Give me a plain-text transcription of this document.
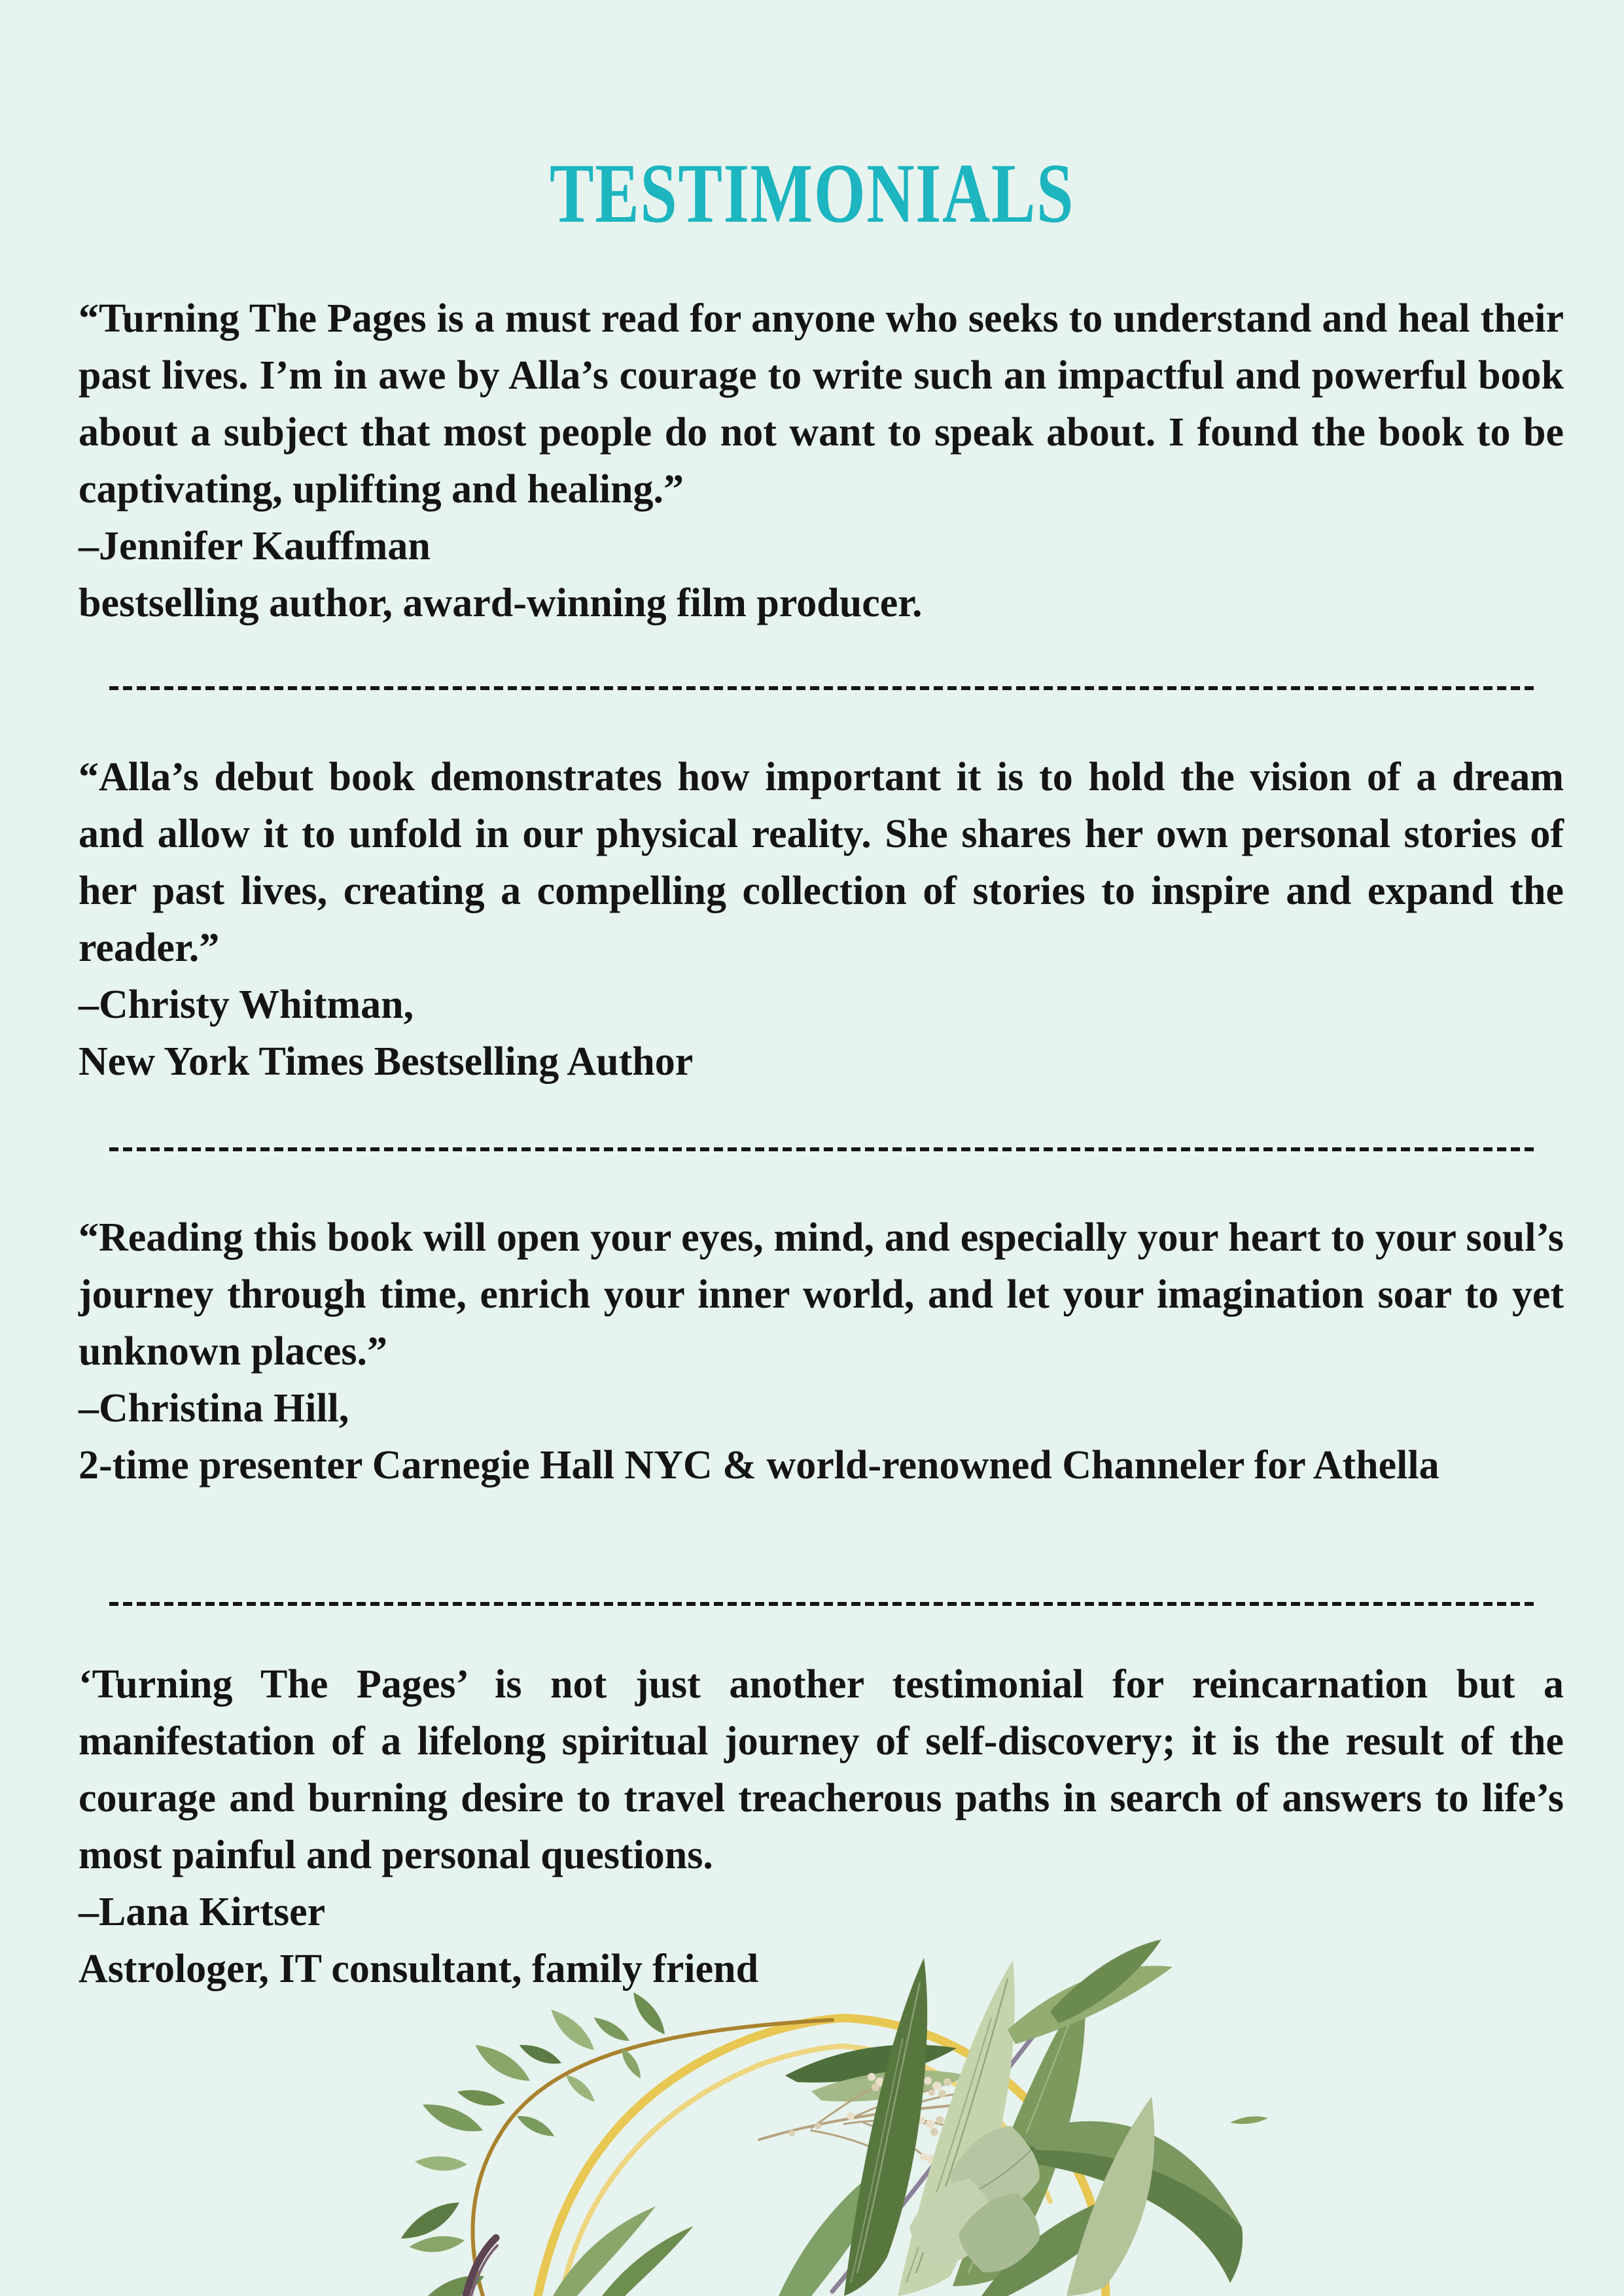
TESTIMONIALS

“Turning The Pages is a must read for anyone who seeks to understand and heal their past lives. I’m in awe by Alla’s courage to write such an impactful and powerful book about a subject that most people do not want to speak about. I found the book to be captivating, uplifting and healing.”

–Jennifer Kauffman

bestselling author, award-winning film producer.

“Alla’s debut book demonstrates how important it is to hold the vision of a dream and allow it to unfold in our physical reality. She shares her own personal stories of her past lives, creating a compelling collection of stories to inspire and expand the reader.”

–Christy Whitman,

New York Times Bestselling Author

“Reading this book will open your eyes, mind, and especially your heart to your soul’s journey through time, enrich your inner world, and let your imagination soar to yet unknown places.”

–Christina Hill,

2-time presenter Carnegie Hall NYC & world-renowned Channeler for Athella

‘Turning The Pages’ is not just another testimonial for reincarnation but a manifestation of a lifelong spiritual journey of self-discovery; it is the result of the courage and burning desire to travel treacherous paths in search of answers to life’s most painful and personal questions.

–Lana Kirtser

Astrologer, IT consultant, family friend
